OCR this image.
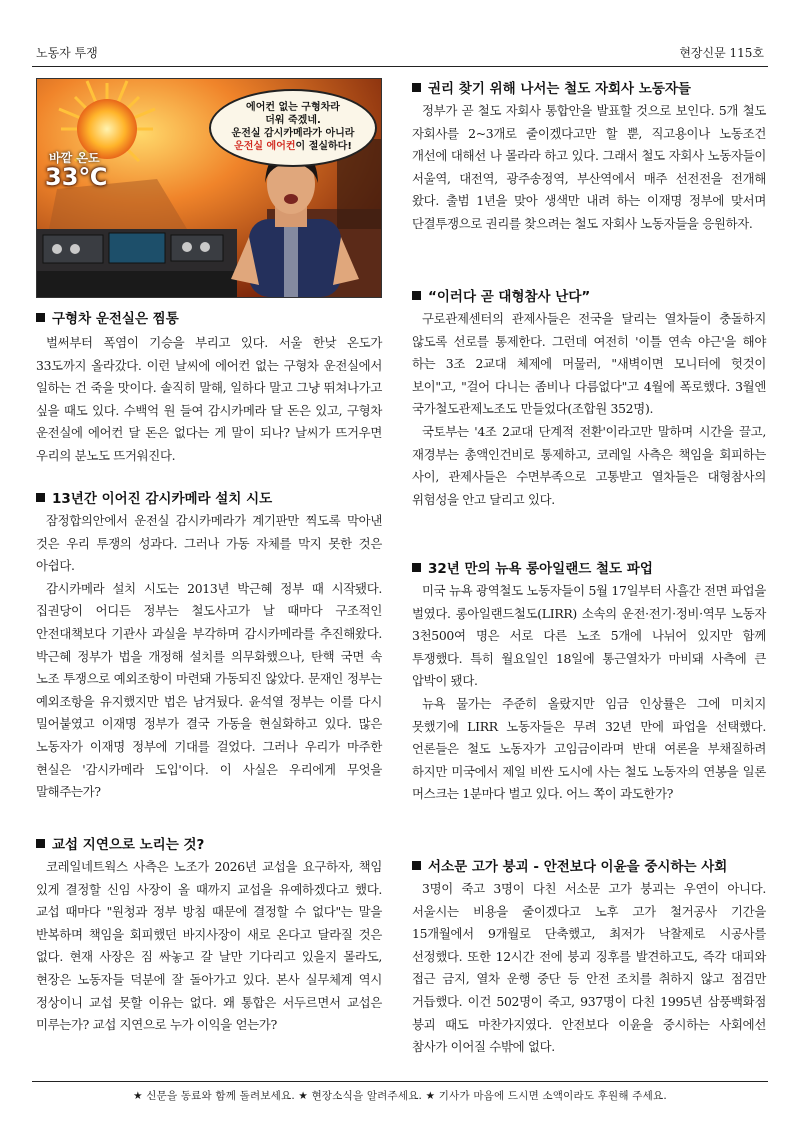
노동자 투쟁	현장신문 115호
에어컨 없는 구형차라
더워 죽겠네.
운전실 감시카메라가 아니라
운전실 에어컨이 절실하다!
바깥 온도
33℃
구형차 운전실은 찜통

벌써부터 폭염이 기승을 부리고 있다. 서울 한낮 온도가 33도까지 올라갔다. 이런 날씨에 에어컨 없는 구형차 운전실에서 일하는 건 죽을 맛이다. 솔직히 말해, 일하다 말고 그냥 뛰쳐나가고 싶을 때도 있다. 수백억 원 들여 감시카메라 달 돈은 있고, 구형차 운전실에 에어컨 달 돈은 없다는 게 말이 되나? 날씨가 뜨거우면 우리의 분노도 뜨거워진다.

13년간 이어진 감시카메라 설치 시도

잠정합의안에서 운전실 감시카메라가 계기판만 찍도록 막아낸 것은 우리 투쟁의 성과다. 그러나 가동 자체를 막지 못한 것은 아쉽다.

감시카메라 설치 시도는 2013년 박근혜 정부 때 시작됐다. 집권당이 어디든 정부는 철도사고가 날 때마다 구조적인 안전대책보다 기관사 과실을 부각하며 감시카메라를 추진해왔다. 박근혜 정부가 법을 개정해 설치를 의무화했으나, 탄핵 국면 속 노조 투쟁으로 예외조항이 마련돼 가동되진 않았다. 문재인 정부는 예외조항을 유지했지만 법은 남겨뒀다. 윤석열 정부는 이를 다시 밀어붙였고 이재명 정부가 결국 가동을 현실화하고 있다. 많은 노동자가 이재명 정부에 기대를 걸었다. 그러나 우리가 마주한 현실은 '감시카메라 도입'이다. 이 사실은 우리에게 무엇을 말해주는가?

교섭 지연으로 노리는 것?

코레일네트웍스 사측은 노조가 2026년 교섭을 요구하자, 책임 있게 결정할 신임 사장이 올 때까지 교섭을 유예하겠다고 했다. 교섭 때마다 "원청과 정부 방침 때문에 결정할 수 없다"는 말을 반복하며 책임을 회피했던 바지사장이 새로 온다고 달라질 것은 없다. 현재 사장은 짐 싸놓고 갈 날만 기다리고 있을지 몰라도, 현장은 노동자들 덕분에 잘 돌아가고 있다. 본사 실무체계 역시 정상이니 교섭 못할 이유는 없다. 왜 통합은 서두르면서 교섭은 미루는가? 교섭 지연으로 누가 이익을 얻는가?

권리 찾기 위해 나서는 철도 자회사 노동자들

정부가 곧 철도 자회사 통합안을 발표할 것으로 보인다. 5개 철도 자회사를 2~3개로 줄이겠다고만 할 뿐, 직고용이나 노동조건 개선에 대해선 나 몰라라 하고 있다. 그래서 철도 자회사 노동자들이 서울역, 대전역, 광주송정역, 부산역에서 매주 선전전을 전개해 왔다. 출범 1년을 맞아 생색만 내려 하는 이재명 정부에 맞서며 단결투쟁으로 권리를 찾으려는 철도 자회사 노동자들을 응원하자.

“이러다 곧 대형참사 난다”

구로관제센터의 관제사들은 전국을 달리는 열차들이 충돌하지 않도록 선로를 통제한다. 그런데 여전히 '이틀 연속 야근'을 해야 하는 3조 2교대 체제에 머물러, "새벽이면 모니터에 헛것이 보이"고, "걸어 다니는 좀비나 다름없다"고 4월에 폭로했다. 3월엔 국가철도관제노조도 만들었다(조합원 352명).

국토부는 '4조 2교대 단계적 전환'이라고만 말하며 시간을 끌고, 재경부는 총액인건비로 통제하고, 코레일 사측은 책임을 회피하는 사이, 관제사들은 수면부족으로 고통받고 열차들은 대형참사의 위험성을 안고 달리고 있다.

32년 만의 뉴욕 롱아일랜드 철도 파업

미국 뉴욕 광역철도 노동자들이 5월 17일부터 사흘간 전면 파업을 벌였다. 롱아일랜드철도(LIRR) 소속의 운전·전기·정비·역무 노동자 3천500여 명은 서로 다른 노조 5개에 나뉘어 있지만 함께 투쟁했다. 특히 월요일인 18일에 통근열차가 마비돼 사측에 큰 압박이 됐다.

뉴욕 물가는 주준히 올랐지만 임금 인상률은 그에 미치지 못했기에 LIRR 노동자들은 무려 32년 만에 파업을 선택했다. 언론들은 철도 노동자가 고임금이라며 반대 여론을 부채질하려 하지만 미국에서 제일 비싼 도시에 사는 철도 노동자의 연봉을 일론 머스크는 1분마다 벌고 있다. 어느 쪽이 과도한가?

서소문 고가 붕괴 - 안전보다 이윤을 중시하는 사회

3명이 죽고 3명이 다친 서소문 고가 붕괴는 우연이 아니다. 서울시는 비용을 줄이겠다고 노후 고가 철거공사 기간을 15개월에서 9개월로 단축했고, 최저가 낙찰제로 시공사를 선정했다. 또한 12시간 전에 붕괴 징후를 발견하고도, 즉각 대피와 접근 금지, 열차 운행 중단 등 안전 조치를 취하지 않고 점검만 거듭했다. 이건 502명이 죽고, 937명이 다친 1995년 삼풍백화점 붕괴 때도 마찬가지였다. 안전보다 이윤을 중시하는 사회에선 참사가 이어질 수밖에 없다.

★ 신문을 동료와 함께 돌려보세요. ★ 현장소식을 알려주세요. ★ 기사가 마음에 드시면 소액이라도 후원해 주세요.
